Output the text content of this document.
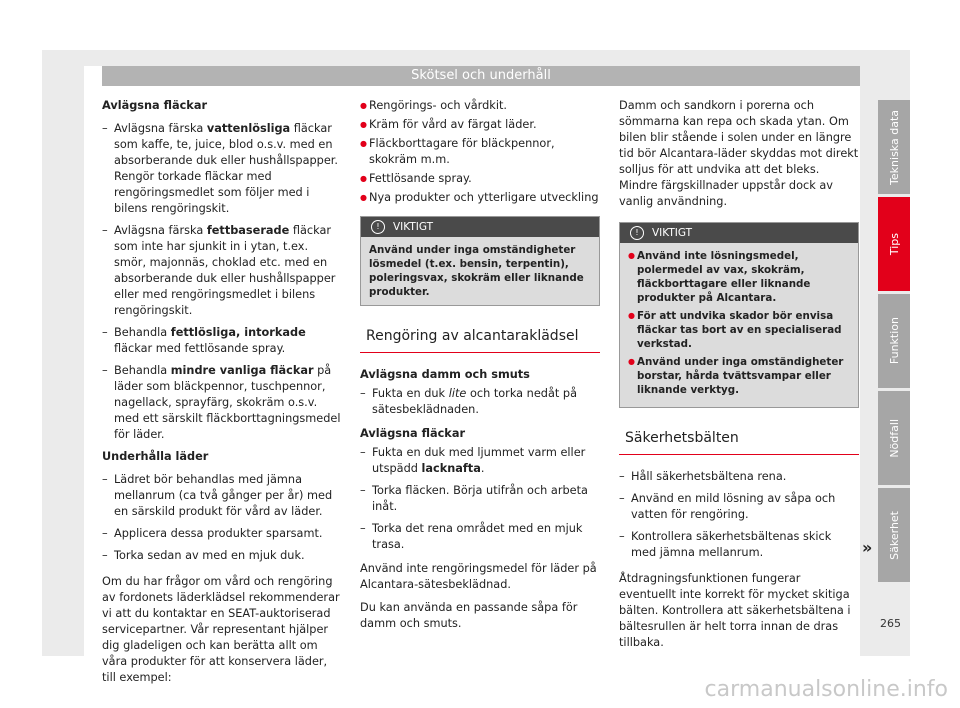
Skötsel och underhåll

Avlägsna fläckar

– Avlägsna färska vattenlösliga fläckar som kaffe, te, juice, blod o.s.v. med en absorberande duk eller hushållspapper. Rengör torkade fläckar med rengöringsmedlet som följer med i bilens rengöringskit.
– Avlägsna färska fettbaserade fläckar som inte har sjunkit in i ytan, t.ex. smör, majonnäs, choklad etc. med en absorberande duk eller hushållspapper eller med rengöringsmedlet i bilens rengöringskit.
– Behandla fettlösliga, intorkade fläckar med fettlösande spray.
– Behandla mindre vanliga fläckar på läder som bläckpennor, tuschpennor, nagellack, sprayfärg, skokräm o.s.v. med ett särskilt fläckborttagningsmedel för läder.

Underhålla läder

– Lädret bör behandlas med jämna mellanrum (ca två gånger per år) med en särskild produkt för vård av läder.
– Applicera dessa produkter sparsamt.
– Torka sedan av med en mjuk duk.

Om du har frågor om vård och rengöring av fordonets läderklädsel rekommenderar vi att du kontaktar en SEAT-auktoriserad servicepartner. Vår representant hjälper dig gladeligen och kan berätta allt om våra produkter för att konservera läder, till exempel:

● Rengörings- och vårdkit.
● Kräm för vård av färgat läder.
● Fläckborttagare för bläckpennor, skokräm m.m.
● Fettlösande spray.
● Nya produkter och ytterligare utveckling
!	VIKTIGT
Använd under inga omständigheter lösmedel (t.ex. bensin, terpentin), poleringsvax, skokräm eller liknande produkter.
Rengöring av alcantaraklädsel

Avlägsna damm och smuts

– Fukta en duk lite och torka nedåt på sätesbeklädnaden.

Avlägsna fläckar

– Fukta en duk med ljummet varm eller utspädd lacknafta.
– Torka fläcken. Börja utifrån och arbeta inåt.
– Torka det rena området med en mjuk trasa.

Använd inte rengöringsmedel för läder på Alcantara-sätesbeklädnad.

Du kan använda en passande såpa för damm och smuts.

Damm och sandkorn i porerna och sömmarna kan repa och skada ytan. Om bilen blir stående i solen under en längre tid bör Alcantara-läder skyddas mot direkt solljus för att undvika att det bleks. Mindre färgskillnader uppstår dock av vanlig användning.

!	VIKTIGT
● Använd inte lösningsmedel, polermedel av vax, skokräm, fläckborttagare eller liknande produkter på Alcantara.
● För att undvika skador bör envisa fläckar tas bort av en specialiserad verkstad.
● Använd under inga omständigheter borstar, hårda tvättsvampar eller liknande verktyg.
Säkerhetsbälten
– Håll säkerhetsbältena rena.
– Använd en mild lösning av såpa och vatten för rengöring.
– Kontrollera säkerhetsbältenas skick med jämna mellanrum.

Åtdragningsfunktionen fungerar eventuellt inte korrekt för mycket skitiga bälten. Kontrollera att säkerhetsbältena i bältesrullen är helt torra innan de dras tillbaka.

»
Tekniska data
Tips
Funktion
Nödfall
Säkerhet
265
carmanualsonline.info
